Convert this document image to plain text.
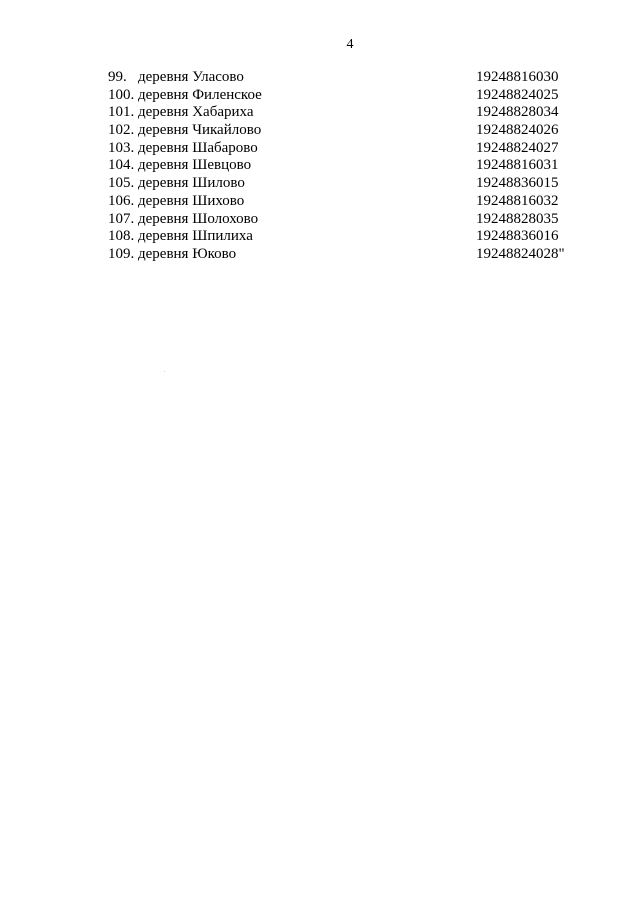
4
99. деревня Уласово	19248816030
100. деревня Филенское	19248824025
101. деревня Хабариха	19248828034
102. деревня Чикайлово	19248824026
103. деревня Шабарово	19248824027
104. деревня Шевцово	19248816031
105. деревня Шилово	19248836015
106. деревня Шихово	19248816032
107. деревня Шолохово	19248828035
108. деревня Шпилиха	19248836016
109. деревня Юково	19248824028"
